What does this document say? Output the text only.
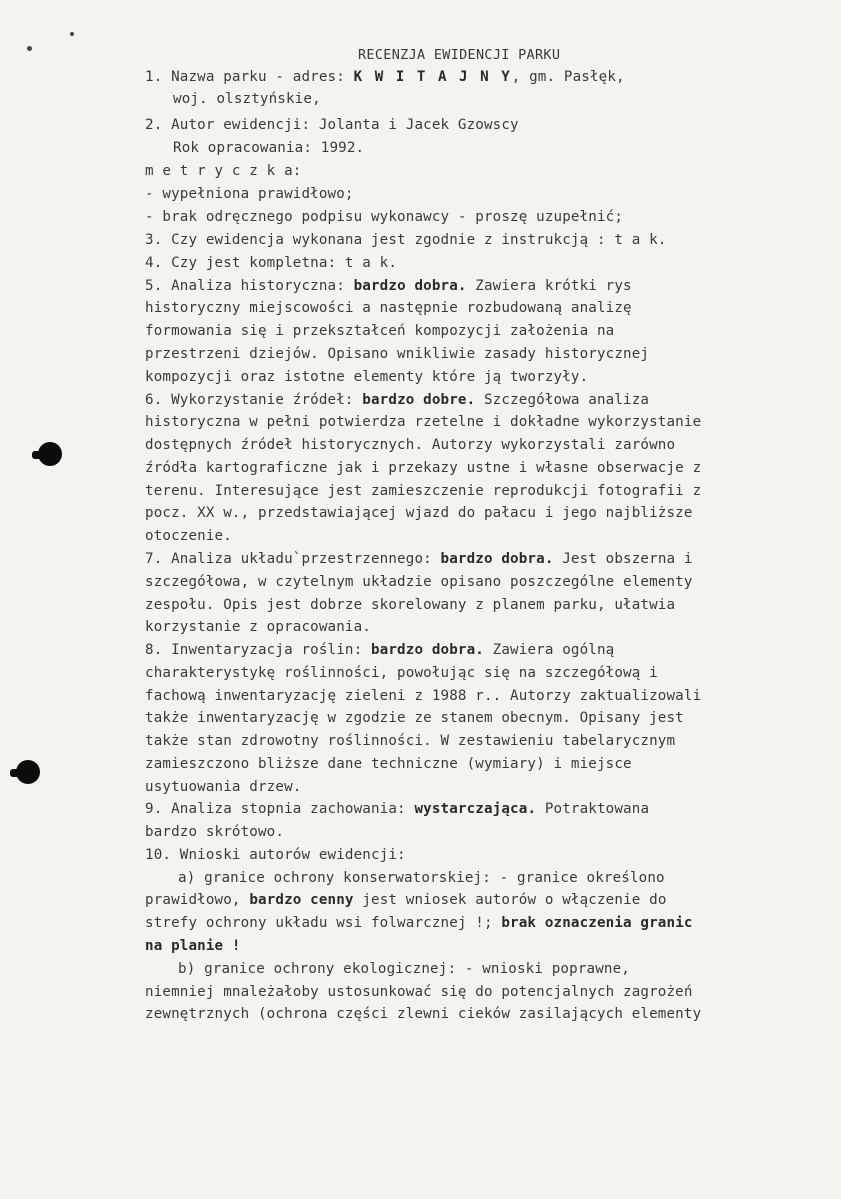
RECENZJA EWIDENCJI PARKU
1. Nazwa parku - adres: K W I T A J N Y, gm. Pasłęk,
woj. olsztyńskie,
2. Autor ewidencji: Jolanta i Jacek Gzowscy
Rok opracowania: 1992.
m e t r y c z k a:
- wypełniona prawidłowo;
- brak odręcznego podpisu wykonawcy - proszę uzupełnić;
3. Czy ewidencja wykonana jest zgodnie z instrukcją : t a k.
4. Czy jest kompletna: t a k.
5. Analiza historyczna: bardzo dobra. Zawiera krótki rys
historyczny miejscowości a następnie rozbudowaną analizę
formowania się i przekształceń kompozycji założenia na
przestrzeni dziejów. Opisano wnikliwie zasady historycznej
kompozycji oraz istotne elementy które ją tworzyły.
6. Wykorzystanie źródeł: bardzo dobre. Szczegółowa analiza
historyczna w pełni potwierdza rzetelne i dokładne wykorzystanie
dostępnych źródeł historycznych. Autorzy wykorzystali zarówno
źródła kartograficzne jak i przekazy ustne i własne obserwacje z
terenu. Interesujące jest zamieszczenie reprodukcji fotografii z
pocz. XX w., przedstawiającej wjazd do pałacu i jego najbliższe
otoczenie.
7. Analiza układu`przestrzennego: bardzo dobra. Jest obszerna i
szczegółowa, w czytelnym układzie opisano poszczególne elementy
zespołu. Opis jest dobrze skorelowany z planem parku, ułatwia
korzystanie z opracowania.
8. Inwentaryzacja roślin: bardzo dobra. Zawiera ogólną
charakterystykę roślinności, powołując się na szczegółową i
fachową inwentaryzację zieleni z 1988 r.. Autorzy zaktualizowali
także inwentaryzację w zgodzie ze stanem obecnym. Opisany jest
także stan zdrowotny roślinności. W zestawieniu tabelarycznym
zamieszczono bliższe dane techniczne (wymiary) i miejsce
usytuowania drzew.
9. Analiza stopnia zachowania: wystarczająca. Potraktowana
bardzo skrótowo.
10. Wnioski autorów ewidencji:
a) granice ochrony konserwatorskiej: - granice określono
prawidłowo, bardzo cenny jest wniosek autorów o włączenie do
strefy ochrony układu wsi folwarcznej !; brak oznaczenia granic
na planie !
b) granice ochrony ekologicznej: - wnioski poprawne,
niemniej mnależałoby ustosunkować się do potencjalnych zagrożeń
zewnętrznych (ochrona części zlewni cieków zasilających elementy
